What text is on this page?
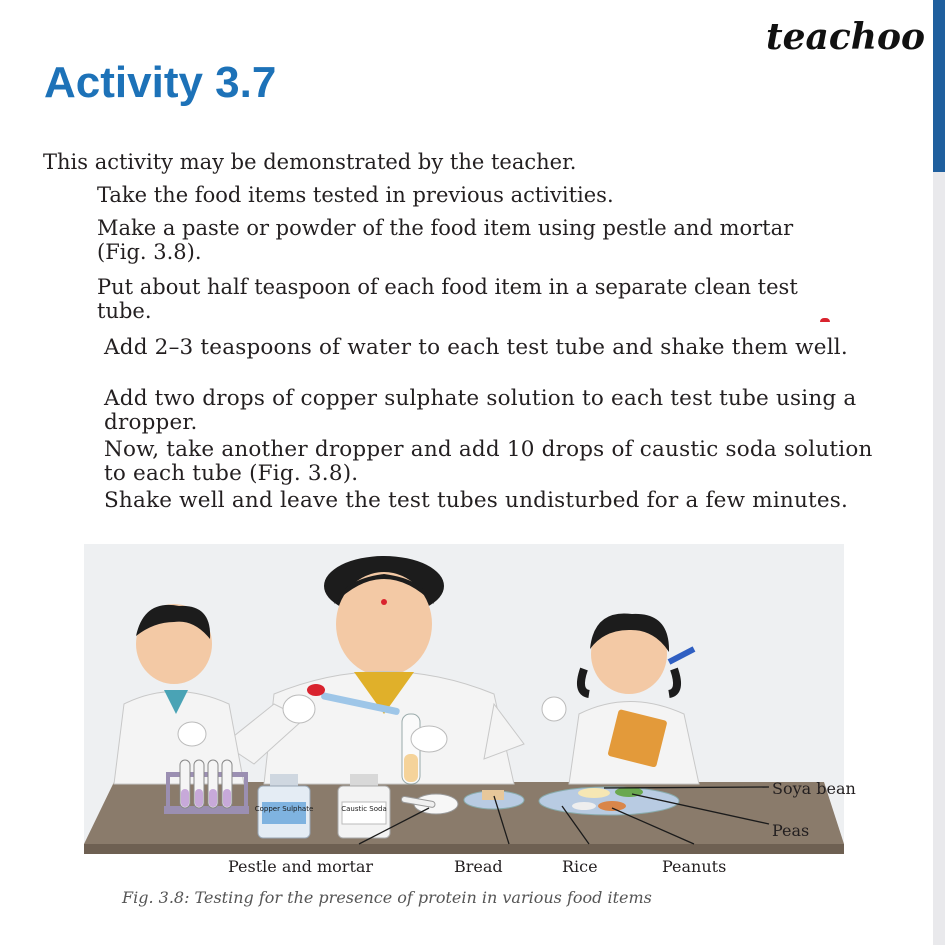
teachoo
Activity 3.7

This activity may be demonstrated by the teacher.

Take the food items tested in previous activities.
Make a paste or powder of the food item using pestle and mortar (Fig. 3.8).
Put about half teaspoon of each food item in a separate clean test tube.
Add 2–3 teaspoons of water to each test tube and shake them well.
Add two drops of copper sulphate solution to each test tube using a dropper.
Now, take another dropper and add 10 drops of caustic soda solution to each tube (Fig. 3.8).
Shake well and leave the test tubes undisturbed for a few minutes.
Copper Sulphate	Caustic Soda
Soya bean
Peas
Pestle and mortar	Bread	Rice	Peanuts

Fig. 3.8: Testing for the presence of protein in various food items
